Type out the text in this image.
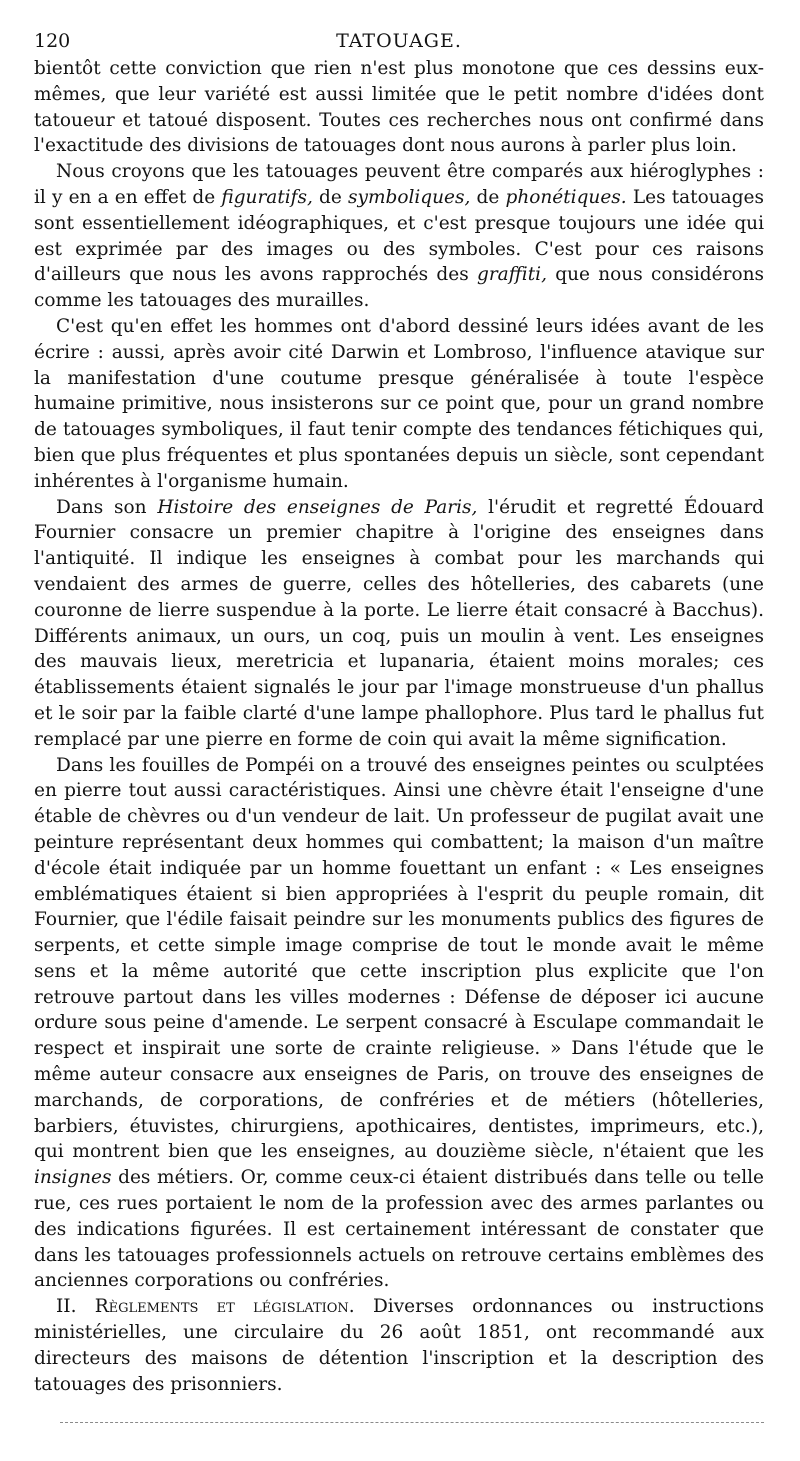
120	TATOUAGE.

bientôt cette conviction que rien n'est plus monotone que ces dessins eux-mêmes, que leur variété est aussi limitée que le petit nombre d'idées dont tatoueur et tatoué disposent. Toutes ces recherches nous ont confirmé dans l'exactitude des divisions de tatouages dont nous aurons à parler plus loin.

Nous croyons que les tatouages peuvent être comparés aux hiéroglyphes : il y en a en effet de figuratifs, de symboliques, de phonétiques. Les tatouages sont essentiellement idéographiques, et c'est presque toujours une idée qui est exprimée par des images ou des symboles. C'est pour ces raisons d'ailleurs que nous les avons rapprochés des graffiti, que nous considérons comme les tatouages des murailles.

C'est qu'en effet les hommes ont d'abord dessiné leurs idées avant de les écrire : aussi, après avoir cité Darwin et Lombroso, l'influence atavique sur la manifestation d'une coutume presque généralisée à toute l'espèce humaine primitive, nous insisterons sur ce point que, pour un grand nombre de tatouages symboliques, il faut tenir compte des tendances fétichiques qui, bien que plus fréquentes et plus spontanées depuis un siècle, sont cependant inhérentes à l'organisme humain.

Dans son Histoire des enseignes de Paris, l'érudit et regretté Édouard Fournier consacre un premier chapitre à l'origine des enseignes dans l'antiquité. Il indique les enseignes à combat pour les marchands qui vendaient des armes de guerre, celles des hôtelleries, des cabarets (une couronne de lierre suspendue à la porte. Le lierre était consacré à Bacchus). Différents animaux, un ours, un coq, puis un moulin à vent. Les enseignes des mauvais lieux, meretricia et lupanaria, étaient moins morales; ces établissements étaient signalés le jour par l'image monstrueuse d'un phallus et le soir par la faible clarté d'une lampe phallophore. Plus tard le phallus fut remplacé par une pierre en forme de coin qui avait la même signification.

Dans les fouilles de Pompéi on a trouvé des enseignes peintes ou sculptées en pierre tout aussi caractéristiques. Ainsi une chèvre était l'enseigne d'une étable de chèvres ou d'un vendeur de lait. Un professeur de pugilat avait une peinture représentant deux hommes qui combattent; la maison d'un maître d'école était indiquée par un homme fouettant un enfant : « Les enseignes emblématiques étaient si bien appropriées à l'esprit du peuple romain, dit Fournier, que l'édile faisait peindre sur les monuments publics des figures de serpents, et cette simple image comprise de tout le monde avait le même sens et la même autorité que cette inscription plus explicite que l'on retrouve partout dans les villes modernes : Défense de déposer ici aucune ordure sous peine d'amende. Le serpent consacré à Esculape commandait le respect et inspirait une sorte de crainte religieuse. » Dans l'étude que le même auteur consacre aux enseignes de Paris, on trouve des enseignes de marchands, de corporations, de confréries et de métiers (hôtelleries, barbiers, étuvistes, chirurgiens, apothicaires, dentistes, imprimeurs, etc.), qui montrent bien que les enseignes, au douzième siècle, n'étaient que les insignes des métiers. Or, comme ceux-ci étaient distribués dans telle ou telle rue, ces rues portaient le nom de la profession avec des armes parlantes ou des indications figurées. Il est certainement intéressant de constater que dans les tatouages professionnels actuels on retrouve certains emblèmes des anciennes corporations ou confréries.

II. Règlements et législation. Diverses ordonnances ou instructions ministérielles, une circulaire du 26 août 1851, ont recommandé aux directeurs des maisons de détention l'inscription et la description des tatouages des prisonniers.
